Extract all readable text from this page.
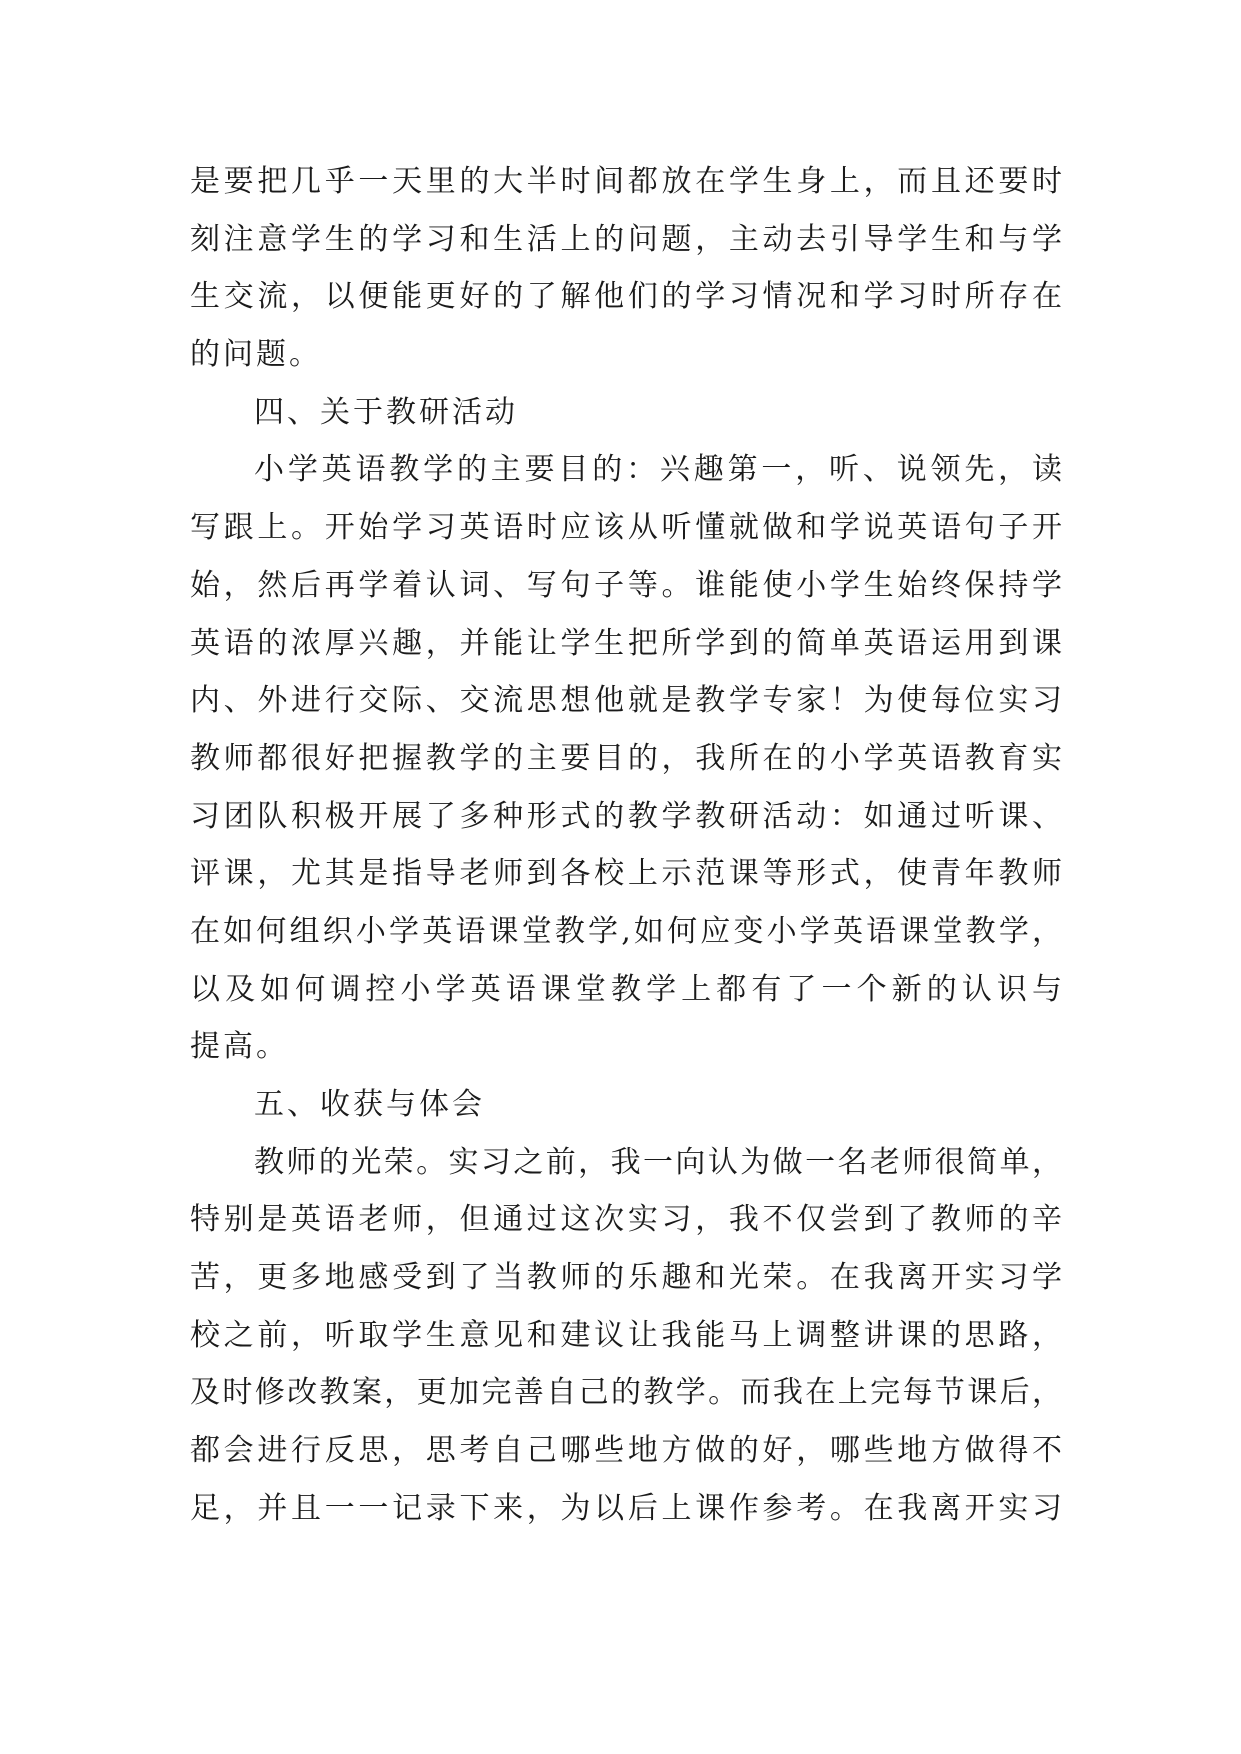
是要把几乎一天里的大半时间都放在学生身上，而且还要时
刻注意学生的学习和生活上的问题，主动去引导学生和与学
生交流，以便能更好的了解他们的学习情况和学习时所存在
的问题。
四、关于教研活动
小学英语教学的主要目的：兴趣第一，听、说领先，读
写跟上。开始学习英语时应该从听懂就做和学说英语句子开
始，然后再学着认词、写句子等。谁能使小学生始终保持学
英语的浓厚兴趣，并能让学生把所学到的简单英语运用到课
内、外进行交际、交流思想他就是教学专家！为使每位实习
教师都很好把握教学的主要目的，我所在的小学英语教育实
习团队积极开展了多种形式的教学教研活动：如通过听课、
评课，尤其是指导老师到各校上示范课等形式，使青年教师
在如何组织小学英语课堂教学,如何应变小学英语课堂教学，
以及如何调控小学英语课堂教学上都有了一个新的认识与
提高。
五、收获与体会
教师的光荣。实习之前，我一向认为做一名老师很简单，
特别是英语老师，但通过这次实习，我不仅尝到了教师的辛
苦，更多地感受到了当教师的乐趣和光荣。在我离开实习学
校之前，听取学生意见和建议让我能马上调整讲课的思路，
及时修改教案，更加完善自己的教学。而我在上完每节课后，
都会进行反思，思考自己哪些地方做的好，哪些地方做得不
足，并且一一记录下来，为以后上课作参考。在我离开实习
